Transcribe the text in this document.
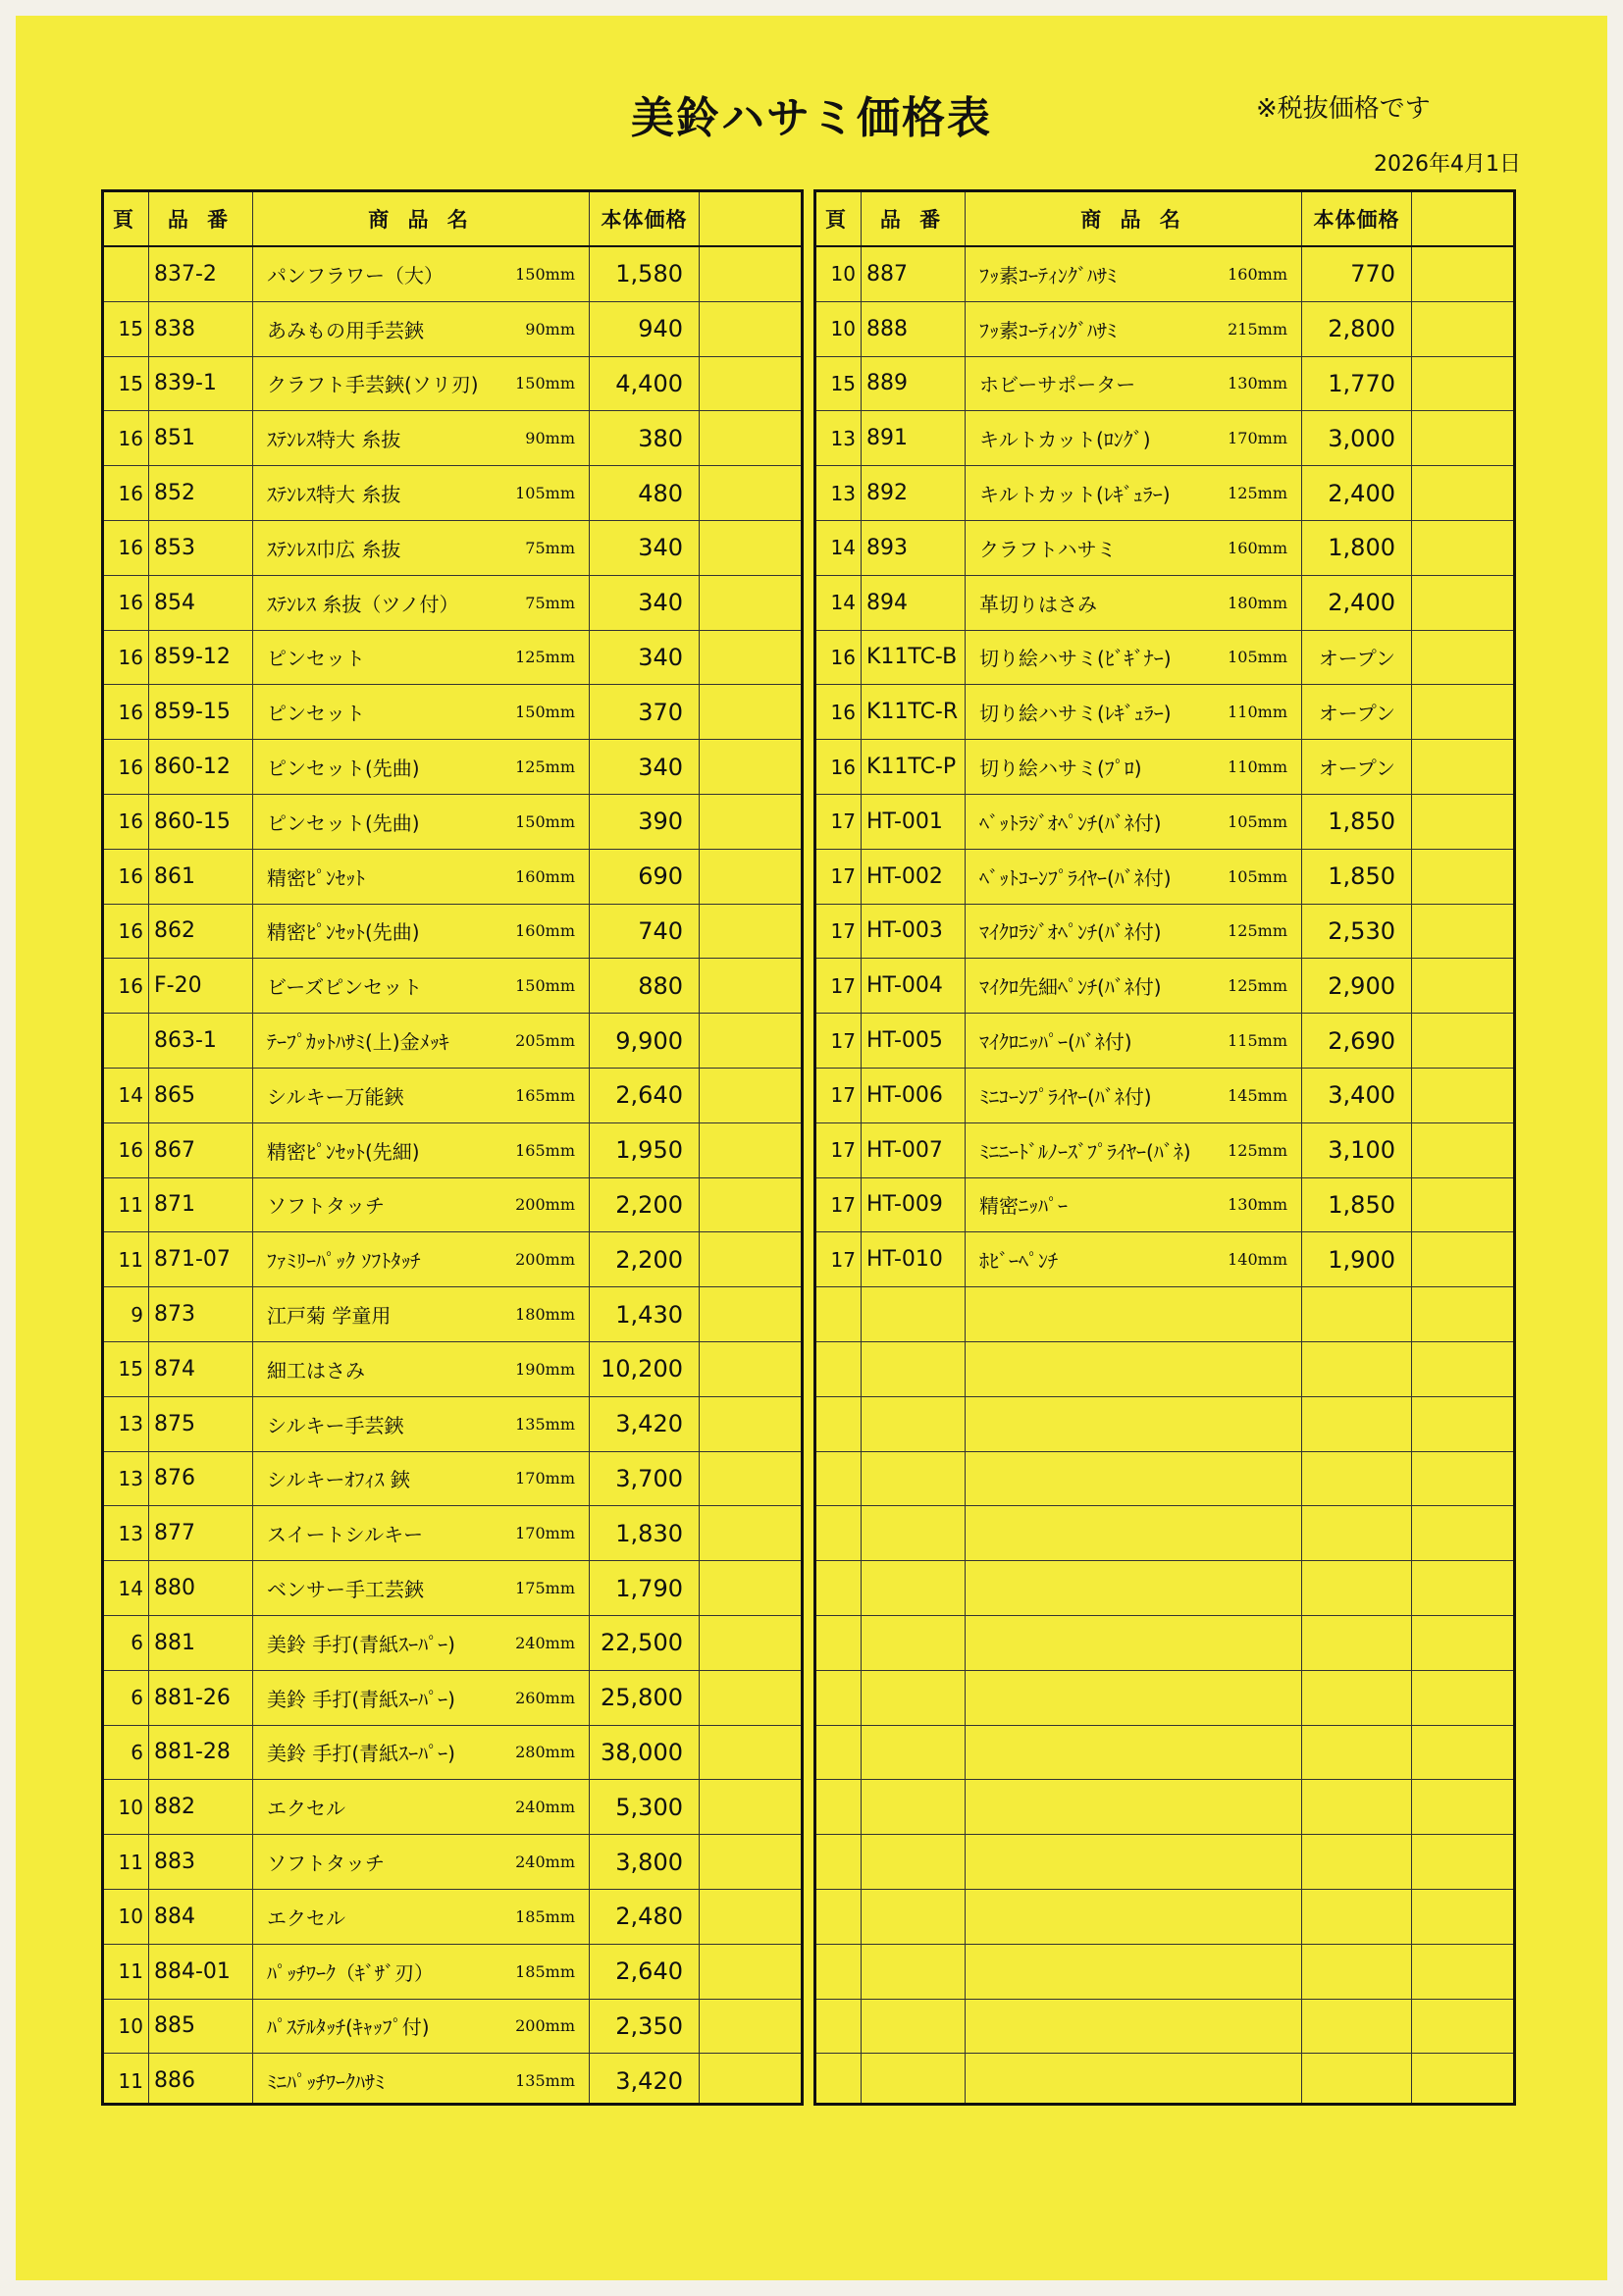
美鈴ハサミ価格表	※税抜価格です
2026年4月1日
頁	品 番	商 品 名	本体価格
837-2	パンフラワー（大）	150mm	1,580
15 838	あみもの用手芸鋏	90mm	940
15 839-1	クラフト手芸鋏(ソリ刃) 150mm	4,400
16 851	ｽﾃﾝﾚｽ特大 糸抜	90mm	380
16 852	ｽﾃﾝﾚｽ特大 糸抜	105mm	480
16 853	ｽﾃﾝﾚｽ巾広 糸抜	75mm	340
16 854	ｽﾃﾝﾚｽ 糸抜（ツノ付）	75mm	340
16 859-12	ピンセット	125mm	340
16 859-15	ピンセット	150mm	370
16 860-12	ピンセット(先曲)	125mm	340
16 860-15	ピンセット(先曲)	150mm	390
16 861	精密ﾋﾟﾝｾｯﾄ	160mm	690
16 862	精密ﾋﾟﾝｾｯﾄ(先曲)	160mm	740
16 F-20	ビーズピンセット	150mm	880
863-1	ﾃｰﾌﾟｶｯﾄﾊｻﾐ(上)金ﾒｯｷ	205mm	9,900
14 865	シルキー万能鋏	165mm	2,640
16 867	精密ﾋﾟﾝｾｯﾄ(先細)	165mm	1,950
11 871	ソフトタッチ	200mm	2,200
11 871-07	ﾌｧﾐﾘｰﾊﾟｯｸ ｿﾌﾄﾀｯﾁ	200mm	2,200
9 873	江戸菊 学童用	180mm	1,430
15 874	細工はさみ	190mm	10,200
13 875	シルキー手芸鋏	135mm	3,420
13 876	シルキーｵﾌｨｽ 鋏	170mm	3,700
13 877	スイートシルキー	170mm	1,830
14 880	ベンサー手工芸鋏	175mm	1,790
6 881	美鈴 手打(青紙ｽｰﾊﾟｰ)	240mm	22,500
6 881-26	美鈴 手打(青紙ｽｰﾊﾟｰ)	260mm	25,800
6 881-28	美鈴 手打(青紙ｽｰﾊﾟｰ)	280mm	38,000
10 882	エクセル	240mm	5,300
11 883	ソフトタッチ	240mm	3,800
10 884	エクセル	185mm	2,480
11 884-01	ﾊﾟｯﾁﾜｰｸ（ｷﾞｻﾞ刃）	185mm	2,640
10 885	ﾊﾟｽﾃﾙﾀｯﾁ(ｷｬｯﾌﾟ付)	200mm	2,350
11 886	ﾐﾆﾊﾟｯﾁﾜｰｸﾊｻﾐ	135mm	3,420
頁	品 番	商 品 名	本体価格
10 887	ﾌｯ素ｺｰﾃｨﾝｸﾞﾊｻﾐ	160mm	770
10 888	ﾌｯ素ｺｰﾃｨﾝｸﾞﾊｻﾐ	215mm	2,800
15 889	ホビーサポーター	130mm	1,770
13 891	キルトカット(ﾛﾝｸﾞ)	170mm	3,000
13 892	キルトカット(ﾚｷﾞｭﾗｰ)	125mm	2,400
14 893	クラフトハサミ	160mm	1,800
14 894	革切りはさみ	180mm	2,400
16 K11TC-B	切り絵ハサミ(ﾋﾞｷﾞﾅｰ)	105mm	オープン
16 K11TC-R	切り絵ハサミ(ﾚｷﾞｭﾗｰ)	110mm	オープン
16 K11TC-P	切り絵ハサミ(ﾌﾟﾛ)	110mm	オープン
17 HT-001	ﾍﾞｯﾄﾗｼﾞｵﾍﾟﾝﾁ(ﾊﾞﾈ付)	105mm	1,850
17 HT-002	ﾍﾞｯﾄｺｰﾝﾌﾟﾗｲﾔｰ(ﾊﾞﾈ付)	105mm	1,850
17 HT-003	ﾏｲｸﾛﾗｼﾞｵﾍﾟﾝﾁ(ﾊﾞﾈ付)	125mm	2,530
17 HT-004	ﾏｲｸﾛ先細ﾍﾟﾝﾁ(ﾊﾞﾈ付)	125mm	2,900
17 HT-005	ﾏｲｸﾛﾆｯﾊﾟｰ(ﾊﾞﾈ付)	115mm	2,690
17 HT-006	ﾐﾆｺｰﾝﾌﾟﾗｲﾔｰ(ﾊﾞﾈ付)	145mm	3,400
17 HT-007	ﾐﾆﾆｰﾄﾞﾙﾉｰｽﾞﾌﾟﾗｲﾔｰ(ﾊﾞﾈ) 125mm	3,100
17 HT-009	精密ﾆｯﾊﾟｰ	130mm	1,850
17 HT-010	ﾎﾋﾞｰﾍﾟﾝﾁ	140mm	1,900
